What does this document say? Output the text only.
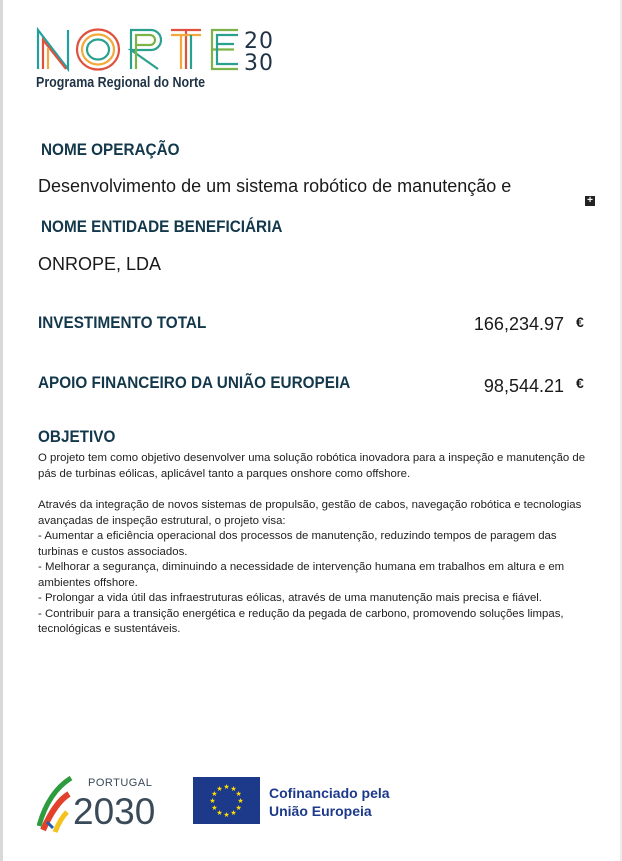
20
30
Programa Regional do Norte
NOME OPERAÇÃO
Desenvolvimento de um sistema robótico de manutenção e
+
NOME ENTIDADE BENEFICIÁRIA
ONROPE, LDA
INVESTIMENTO TOTAL	166,234.97 €
APOIO FINANCEIRO DA UNIÃO EUROPEIA	98,544.21 €
OBJETIVO

O projeto tem como objetivo desenvolver uma solução robótica inovadora para a inspeção e manutenção de pás de turbinas eólicas, aplicável tanto a parques onshore como offshore.

Através da integração de novos sistemas de propulsão, gestão de cabos, navegação robótica e tecnologias avançadas de inspeção estrutural, o projeto visa:

- Aumentar a eficiência operacional dos processos de manutenção, reduzindo tempos de paragem das turbinas e custos associados.

- Melhorar a segurança, diminuindo a necessidade de intervenção humana em trabalhos em altura e em ambientes offshore.

- Prolongar a vida útil das infraestruturas eólicas, através de uma manutenção mais precisa e fiável.

- Contribuir para a transição energética e redução da pegada de carbono, promovendo soluções limpas, tecnológicas e sustentáveis.

PORTUGAL
2030
★ ★
★
★
★
★
★
★
★
★
★
★	Cofinanciado pela
União Europeia
